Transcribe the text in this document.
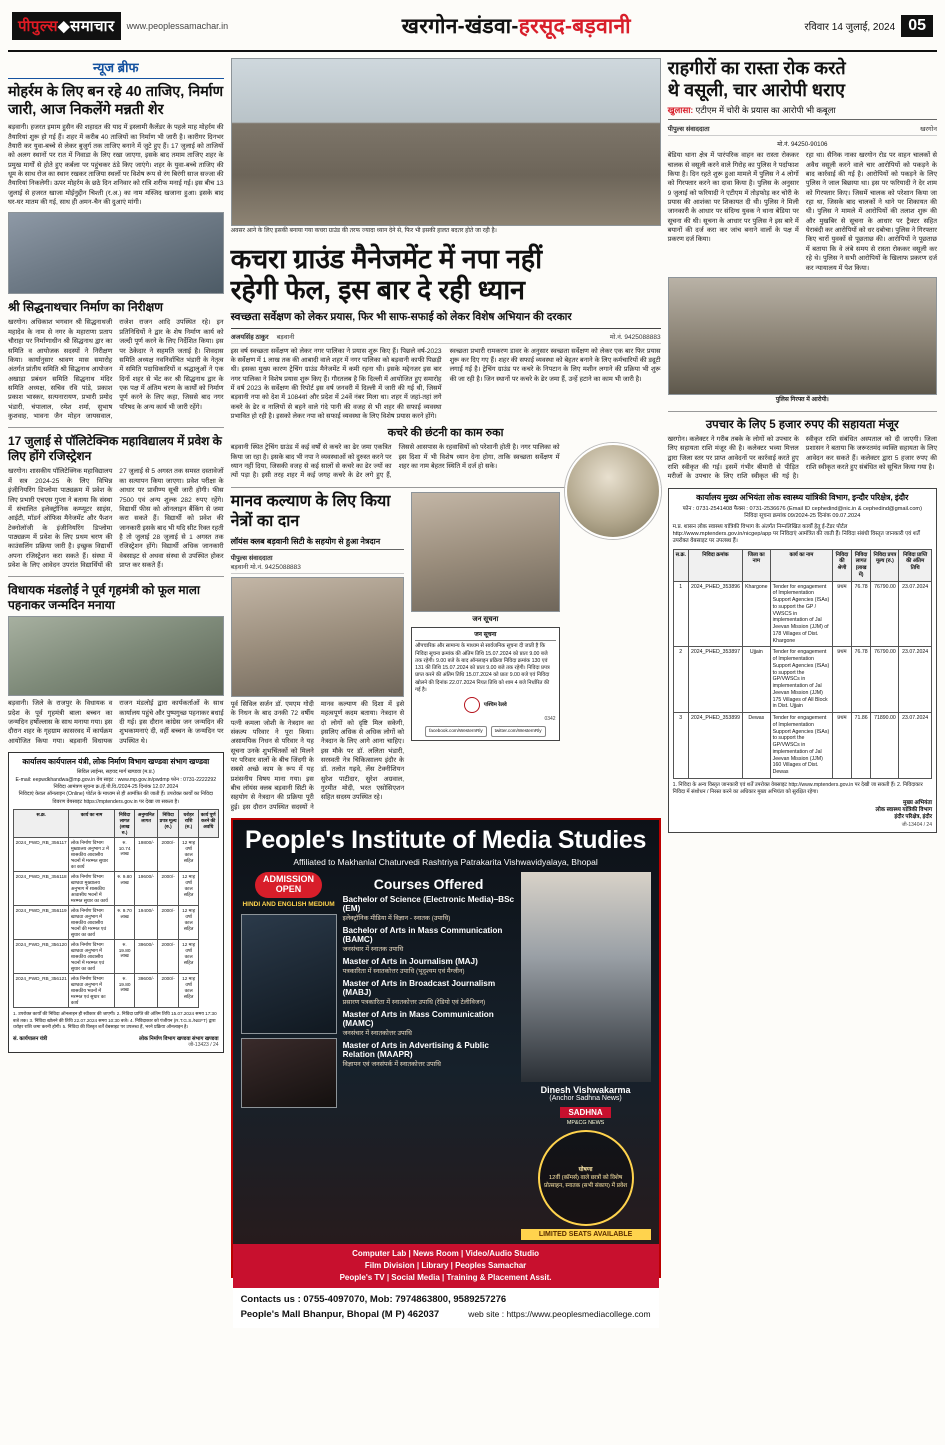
पीपुल्स◆समाचार	www.peoplessamachar.in	खरगोन-खंडवा-हरसूद-बड़वानी	रविवार 14 जुलाई, 2024 05
न्यूज ब्रीफ
मोहर्रम के लिए बन रहे 40 ताजिए, निर्माण जारी, आज निकलेंगे मन्नती शेर
बड़वानी। हजरत इमाम हुसैन की शहादत की याद में इस्लामी कैलेंडर के पहले माह मोहर्रम की तैयारियां शुरू हो गई हैं। शहर में करीब 40 ताजियों का निर्माण भी जारी है। कारीगर दिनभर तैयारी कर युवा-बच्चे से लेकर बुजुर्ग तक ताजिए बनाने में जुटे हुए हैं। 17 जुलाई को ताजियों को अलग स्थानों पर रात में निवाडा के लिए रखा जाएगा, इसके बाद तमाम ताजिए शहर के प्रमुख मार्गों से होते हुए कर्बला पर पहुंचकर ठंडे किए जाएंगे। शहर के युवा-बच्चे ताजिए की धूम के साथ रोज का स्थान रखकर ताजिया स्थलों पर विशेष रूप से रंग बिरंगी साज सज्जा की तैयारियां निकलेगी। ऊपर मोहर्रम के छठे दिन शनिवार को रात्रि शरीफ मनाई गई। इस बीच 13 जुलाई से हजरत खाजा मोईनुद्दीन चिश्ती (र.अ.) का नाम मस्जिद खजाना हुआ। इसके बाद घर-घर मातम की गई, साथ ही अमन-चैन की दुआएं मांगी।
श्री सिद्धनाथचार निर्माण का निरीक्षण
खरगोन। अधिकाश भगवान श्री सिद्धनाथजी महादेव के नाम से नगर के महाराणा प्रताप चौराहा पर निर्माणाधीन श्री सिद्धनाथ द्वार का समिति व आयोजक सदस्यों ने निरीक्षण किया। कार्यानुसार श्रावण मास समारोह अंतर्गत प्रांतीय समिति श्री सिद्धनाथ आयोजन अखाड़ा प्रबंधन समिति सिद्धनाथ मंदिर समिति अध्यक्ष, सचिव रवि पांडे, प्रकाश प्रकाश भास्कर, सत्यनारायण, प्रभारी प्रमोद भंडारी, चंपालाल, रमेश शर्मा, सुभाष कुशवाह, भावना जैन मोहन जायसवाल, राजेश राजन आदि उपस्थित रहे। इन प्रतिनिधियों ने द्वार के शेष निर्माण कार्य को जल्दी पूर्ण करने के लिए निर्देशित किया। इस पर ठेकेदार ने सहमति जताई है। शिवदास समिति अध्यक्ष नवनिर्वाचित भंडारी के नेतृत्व में समिति पदाधिकारियों व श्रद्धालुओं ने एक दिनों शहर से भेंट कर श्री सिद्धनाथ द्वार के एक पक्ष में अंतिम चरण के कार्यों को निर्माण पूर्ण करने के लिए कहा, जिससे बाद नगर परिषद के अन्य कार्य भी जारी रहेंगे।
17 जुलाई से पॉलिटेक्निक महाविद्यालय में प्रवेश के लिए होंगे रजिस्ट्रेशन
खरगोन। शासकीय पॉलिटेक्निक महाविद्यालय में सत्र 2024-25 के लिए विभिन्न इंजीनियरिंग डिप्लोमा पाठ्यक्रम में प्रवेश के लिए प्रभारी एचएस गुप्ता ने बताया कि संस्था में संचालित इलेक्ट्रॉनिक कम्प्यूटर साइंस, आईटी, मॉडर्न ऑफिस मैनेजमेंट और फैशन टेक्नोलॉजी के इंजीनियरिंग डिप्लोमा पाठ्यक्रम में प्रवेश के लिए प्रथम चरण की काउंसलिंग प्रक्रिया जारी है। इच्छुक विद्यार्थी अपना रजिस्ट्रेशन करा सकते हैं। संस्था में प्रवेश के लिए आवेदन उपरांत विद्यार्थियों की 27 जुलाई से 5 अगस्त तक समस्त दस्तावेजों का सत्यापन किया जाएगा। प्रवेश परीक्षा के आधार पर प्रावीण्य सूची जारी होगी। फीस 7500 एवं अन्य शुल्क 282 रुपए रहेंगे। विद्यार्थी फीस को ऑनलाइन बैंकिंग से जमा करा सकते हैं। विद्यार्थी को प्रवेश की जानकारी इसके बाद भी यदि सीट रिक्त रहती है तो जुलाई 28 जुलाई से 1 अगस्त तक रजिस्ट्रेशन होंगे। विद्यार्थी अधिक जानकारी वेबसाइट से अथवा संस्था से उपस्थित होकर प्राप्त कर सकते हैं।
विधायक मंडलोई ने पूर्व गृहमंत्री को फूल माला पहनाकर जन्मदिन मनाया
बड़वानी। जिले के राजपुर के विधायक व प्रदेश के पूर्व गृहमंत्री बाला बच्चन का जन्मदिन हर्षोल्लास के साथ मनाया गया। इस दौरान शहर के गृहग्राम कासरवद में कार्यक्रम आयोजित किया गया। बड़वानी विधायक राजन मंडलोई द्वारा कार्यकर्ताओं के साथ कार्यालय पहुंचे और पुष्पगुच्छ पहनाकर बधाई दी गई। इस दौरान कांग्रेस जन जन्मदिन की शुभकामनाएं दी, वहीं बच्चन के जन्मदिन पर उपस्थित थे।
कार्यालय कार्यपालन यंत्री, लोक निर्माण विभाग खण्डवा संभाग खण्डवा
सिविल लाईन्स, सहयद मार्ग खण्डवा (म.प्र.)
E-mail: eepwdkhandwa@mp.gov.in वेब साइट : www.mp.gov.in/pwdmp फोन : 0731-2222292
निविदा आमंत्रण सूचना क्र./ई.पी.वि./2024-25 दिनांक 12.07.2024
निविदाएं केवल ऑनलाइन (Online) पोर्टल के माध्यम से ही आमंत्रित की जाती हैं। उपरोक्त कार्यों का निविदा विवरण वेबसाइट https://mptenders.gov.in पर देखा जा सकता है।
स.क्र.	कार्य का नाम	निविदा लागत (लाख रु.)	अनुमानित लागत	निविदा प्रपत्र मूल्य (रु.)	धरोहर राशि (रु.)	कार्य पूर्ण करने की अवधि
2024_PWD_RB_356117	लोक निर्माण विभाग मुख्यालय अनुभाग 2 में शासकीय आवासीय भवनों में मरम्मत सुधार का कार्य	रु. 10.74 लाख	19800/-	2000/-	12 माह वर्षा काल सहित	
2024_PWD_RB_356118	लोक निर्माण विभाग खण्डवा मुख्यालय अनुभाग में शासकीय आवासीय भवनों में मरम्मत सुधार का कार्य	रु. 9.80 लाख	19600/-	2000/-	12 माह वर्षा काल सहित	
2024_PWD_RB_356119	लोक निर्माण विभाग खण्डवा अनुभाग में शासकीय आवासीय भवनों की मरम्मत एवं सुधार का कार्य	रु. 9.70 लाख	19400/-	2000/-	12 माह वर्षा काल सहित	
2024_PWD_RB_356120	लोक निर्माण विभाग खण्डवा अनुभाग में शासकीय आवासीय भवनों में मरम्मत एवं सुधार का कार्य	रु. 19.80 लाख	39600/-	2000/-	12 माह वर्षा काल सहित	
2024_PWD_RB_356121	लोक निर्माण विभाग खण्डवा अनुभाग में शासकीय भवनों में मरम्मत एवं सुधार का कार्य	रु. 19.80 लाख	39600/-	2000/-	12 माह वर्षा काल सहित	
1. उपरोक्त कार्यों की निविदा ऑनलाइन ही स्वीकार की जाएगी। 2. निविदा प्राप्ति की अंतिम तिथि 15.07.2024 समय 17:30 बजे तक। 3. निविदा खोलने की तिथि 22.07.2024 समय 10:30 बजे। 4. निविदाकार को पंजीयन (R.T.G.S./NEFT) द्वारा धरोहर राशि जमा करनी होगी। 5. निविदा की विस्तृत शर्तें वेबसाइट पर उपलब्ध हैं, भरने प्रक्रिया ऑनलाइन है।
सं. कार्यपालन यंत्री	लोक निर्माण विभाग खण्डवा संभाग खण्डवा
जी-13423 / 24
अवसर आने के लिए इसकी बनाया गया कचरा ग्राउंड की तरफ ज्यादा ध्यान देने से, फिर भी इसकी हालत बदतर होते जा रही है।
कचरा ग्राउंड मैनेजमेंट में नपा नहीं
रहेगी फेल, इस बार दे रही ध्यान
स्वच्छता सर्वेक्षण को लेकर प्रयास, फिर भी साफ-सफाई को लेकर विशेष अभियान की दरकार
अजयसिंह ठाकुर बड़वानी	मो.नं. 9425088883
इस वर्ष स्वच्छता सर्वेक्षण को लेकर नगर पालिका ने प्रयास शुरू किए हैं। पिछले वर्ष-2023 के सर्वेक्षण में 1 लाख तक की आबादी वाले शहर में नगर पालिका को बड़वानी काफी पिछड़ी थी। इसका मुख्य कारण ट्रेचिंग ग्राउंड मैनेजमेंट में कमी रहना थी। इसके मद्देनजर इस बार नगर पालिका ने विशेष प्रयास शुरू किए हैं। गौरतलब है कि दिल्ली में आयोजित हुए समारोह में वर्ष 2023 के सर्वेक्षण की रिपोर्ट इस वर्ष जनवरी में दिल्ली में जारी की गई थी, जिसमें बड़वानी नपा को देश में 1084वां और प्रदेश में 24वें नंबर मिला था। शहर में जहां-तहां लगे कचरे के ढेर व नालियों से बहने वाले गंदे पानी की वजह से भी शहर की सफाई व्यवस्था प्रभावित हो रही है। इसको लेकर नपा को सफाई व्यवस्था के लिए विशेष प्रयास करने होंगे।
स्वच्छता प्रभारी रामकरण डावर के अनुसार स्वच्छता सर्वेक्षण को लेकर एक बार फिर प्रयास शुरू कर दिए गए हैं। शहर की सफाई व्यवस्था को बेहतर बनाने के लिए कर्मचारियों की ड्यूटी लगाई गई है। ट्रेचिंग ग्राउंड पर कचरे के निपटान के लिए मशीन लगाने की प्रक्रिया भी शुरू की जा रही है। जिन स्थानों पर कचरे के ढेर जमा हैं, उन्हें हटाने का काम भी जारी है।
कचरे की छंटनी का काम रुका
बड़वानी स्थित ट्रेचिंग ग्राउंड में कई वर्षों से कचरे का ढेर जमा एकत्रित किया जा रहा है। इसके बाद भी नपा ने व्यवस्थाओं को दुरुस्त करने पर ध्यान नहीं दिया, जिसकी वजह से कई सालों से कचरे का ढेर ज्यों का त्यों पड़ा है। इसी तरह शहर में कई जगह कचरे के ढेर लगे हुए हैं, जिससे आसपास के रहवासियों को परेशानी होती है। नगर पालिका को इस दिशा में भी विशेष ध्यान देना होगा, ताकि स्वच्छता सर्वेक्षण में शहर का नाम बेहतर स्थिति में दर्ज हो सके।
मानव कल्याण के लिए किया नेत्रों का दान
लॉयंस क्लब बड़वानी सिटी के सहयोग से हुआ नेत्रदान
पीपुल्स संवाददाता
बड़वानी मो.नं. 9425088883
पूर्व सिविल सर्जन डॉ. एमएम गोदी के निधन के बाद उनकी 72 वर्षीय पत्नी कमला जोशी के नेत्रदान का संकल्प परिवार ने पूरा किया। असामयिक निधन से परिवार ने यह सूचना उनके शुभचिंतकों को मिलने पर परिवार वालों के बीच जिंदगी के सबसे अच्छे काम के रूप में यह प्रशंसनीय विषय माना गया। इस बीच लॉयंस क्लब बड़वानी सिटी के सहयोग से नेत्रदान की प्रक्रिया पूरी हुई। इस दौरान उपस्थित सदस्यों ने मानव कल्याण की दिशा में इसे महत्वपूर्ण कदम बताया। नेत्रदान से दो लोगों को दृष्टि मिल सकेगी, इसलिए अधिक से अधिक लोगों को नेत्रदान के लिए आगे आना चाहिए। इस मौके पर डॉ. ललिता भंडारी, सरस्वती नेत्र चिकित्सालय इंदौर के डॉ. तलोत गढ़वे, लेंस टेक्नीशियन सुरेश पाटीदार, सुरेश अग्रवाल, गुरमीत मोदी, भरत एसोसिएशन सहित सदस्य उपस्थित रहे।
जन सूचना
जन सूचना
औपचारिक और सामान्य के माध्यम से सार्वजनिक सूचना दी जाती है कि निविदा सूचना क्रमांक की अंतिम तिथि 15.07.2024 को प्रातः 9.00 बजे तक रहेगी। 9.00 बजे के बाद ऑनलाइन प्रक्रिया निविदा क्रमांक 130 एवं 131 की तिथि 15.07.2024 को प्रातः 9.00 बजे तक रहेगी। निविदा प्रपत्र प्राप्त करने की अंतिम तिथि 15.07.2024 को प्रातः 9.00 बजे एवं निविदा खोलने की दिनांक 22.07.2024 नियत तिथि को शाम 4 बजे निर्धारित की गई है।
पश्चिम रेलवे
0342
facebook.com/WesternRly	twitter.com/WesternRly
People's Institute of Media Studies
Affiliated to Makhanlal Chaturvedi Rashtriya Patrakarita Vishwavidyalaya, Bhopal
ADMISSION
OPEN
HINDI AND ENGLISH MEDIUM
Courses Offered
Bachelor of Science (Electronic Media)–BSc (EM)
इलेक्ट्रॉनिक मीडिया में विज्ञान - स्नातक (उपाधि)
Bachelor of Arts in Mass Communication (BAMC)
जनसंचार में स्नातक उपाधि
Master of Arts in Journalism (MAJ)
पत्रकारिता में स्नातकोत्तर उपाधि (भूदृश्यम एवं मैग्जीन)
Master of Arts in Broadcast Journalism (MABJ)
प्रसारण पत्रकारिता में स्नातकोत्तर उपाधि (रेडियो एवं टेलीविजन)
Master of Arts in Mass Communication (MAMC)
जनसंचार में स्नातकोत्तर उपाधि
Master of Arts in Advertising & Public Relation (MAAPR)
विज्ञापन एवं जनसंपर्क में स्नातकोत्तर उपाधि
Dinesh Vishwakarma
(Anchor Sadhna News)
SADHNA
MP&CG NEWS
घोषणा
12वीं (कॉमर्स) वाले छात्रों को विशेष प्रोत्साहन, स्नातक (सभी संकाय) में प्रवेश
LIMITED SEATS AVAILABLE
Computer Lab | News Room | Video/Audio Studio
Film Division | Library | Peoples Samachar
People's TV | Social Media | Training & Placement Assit.
Contacts us : 0755-4097070, Mob: 7974863800, 9589257276
People's Mall Bhanpur, Bhopal (M P) 462037	web site : https://www.peoplesmediacollege.com
राहगीरों का रास्ता रोक करते
थे वसूली, चार आरोपी धराए
खुलासा: एटीएम में चोरी के प्रयास का आरोपी भी कबूला
पीपुल्स संवाददाता	खरगोन
मो.नं. 94250-90106
बेडिया थाना क्षेत्र में पारंपरिक वाहन का रास्ता रोककर चालक से वसूली करने वाले गिरोह का पुलिस ने पर्दाफाश किया है। दिन रहते शुरू हुआ मामले में पुलिस ने 4 लोगों को गिरफ्तार करने का दावा किया है। पुलिस के अनुसार 9 जुलाई को फरियादी ने एटीएम में तोड़फोड़ कर चोरी के प्रयास की आशंका पर शिकायत दी थी। पुलिस ने मिली जानकारी के आधार पर संदिग्ध युवक ने थाना बेडिया पर सूचना की थी। सूचना के आधार पर पुलिस ने इस बारे में बयानों की दर्ज करा कर जांच बनाने वालों के पक्ष में प्रकरण दर्ज किया।
रहा था। सैनिक नाका खरगोन रोड पर वाहन चालकों से अवैध वसूली करने वाले चार आरोपियों को पकड़ने के बाद कार्रवाई की गई है। आरोपियों को पकड़ने के लिए पुलिस ने जाल बिछाया था। इस पर फरियादी ने देर शाम को गिरफ्तार किए। जिसमें चालक को परेशान किया जा रहा था, जिसके बाद चालकों ने थाने पर शिकायत की थी। पुलिस ने मामले में आरोपियों की तलाश शुरू की और मुखबिर से सूचना के आधार पर ट्रैक्टर सहित घेराबंदी कर आरोपियों को धर दबोचा। पुलिस ने गिरफ्तार किए चारों युवकों से पूछताछ की। आरोपियों ने पूछताछ में बताया कि वे लंबे समय से रास्ता रोककर वसूली कर रहे थे। पुलिस ने सभी आरोपियों के खिलाफ प्रकरण दर्ज कर न्यायालय में पेश किया।
पुलिस गिरफ्त में आरोपी।
उपचार के लिए 5 हजार रुपए की सहायता मंजूर
खरगोन। कलेक्टर ने गरीब तबके के लोगों को उपचार के लिए सहायता राशि मंजूर की है। कलेक्टर भव्या मित्तल द्वारा जिला स्तर पर प्राप्त आवेदनों पर कार्रवाई करते हुए राशि स्वीकृत की गई। इसमें गंभीर बीमारी से पीड़ित मरीजों के उपचार के लिए राशि स्वीकृत की गई है। स्वीकृत राशि संबंधित अस्पताल को दी जाएगी। जिला प्रशासन ने बताया कि जरूरतमंद व्यक्ति सहायता के लिए आवेदन कर सकते हैं। कलेक्टर द्वारा 5 हजार रुपए की राशि स्वीकृत करते हुए संबंधित को सूचित किया गया है।
कार्यालय मुख्य अभियंता लोक स्वास्थ्य यांत्रिकी विभाग, इन्दौर परिक्षेत्र, इंदौर
फोन : 0731-2541408 फैक्स : 0731-2536676 (Email ID cephedind@nic.in & cephedind@gmail.com)
निविदा सूचना क्रमांक 09/2024-25 दिनांक 09.07.2024
म.प्र. शासन लोक स्वास्थ्य यांत्रिकी विभाग के अंतर्गत निम्नलिखित कार्यों हेतु ई-टेंडर पोर्टल http://www.mptenders.gov.in/nicgep/app पर निविदाएं आमंत्रित की जाती हैं। निविदा संबंधी विस्तृत जानकारी एवं शर्तें उपरोक्त वेबसाइट पर उपलब्ध हैं।
स.क्र.	निविदा क्रमांक	जिला का नाम	कार्य का नाम	निविदा की श्रेणी	निविदा लागत (लाख में)	निविदा प्रपत्र मूल्य (रु.)	निविदा प्राप्ति की अंतिम तिथि
1	2024_PHED_353896	Khargone	Tender for engagement of Implementation Support Agencies (ISAs) to support the GP / VWSCS in implementation of Jal Jeevan Mission (JJM) of 178 Villages of Dist. Khargone	प्रथम	76.78	76790.00	23.07.2024
2	2024_PHED_353897	Ujjain	Tender for engagement of Implementation Support Agencies (ISAs) to support the GP/VWSCs in implementation of Jal Jeevan Mission (JJM) 175 Villages of All Block in Dist. Ujjain	प्रथम	76.78	76790.00	23.07.2024
3	2024_PHED_353899	Dewas	Tender for engagement of Implementation Support Agencies (ISAs) to support the GP/VWSCs in implementation of Jal Jeevan Mission (JJM) 160 Villages of Dist. Dewas	प्रथम	71.86	71890.00	23.07.2024
1. निविदा के अन्य विस्तृत जानकारी एवं शर्तें उपरोक्त वेबसाइट http://www.mptenders.gov.in पर देखी जा सकती हैं। 2. निविदाकार निविदा में संशोधन / निरस्त करने का अधिकार मुख्य अभियंता को सुरक्षित रहेगा।
मुख्य अभियंता
लोक स्वास्थ्य यांत्रिकी विभाग
इंदौर परिक्षेत्र, इंदौर
जी-13404 / 24
